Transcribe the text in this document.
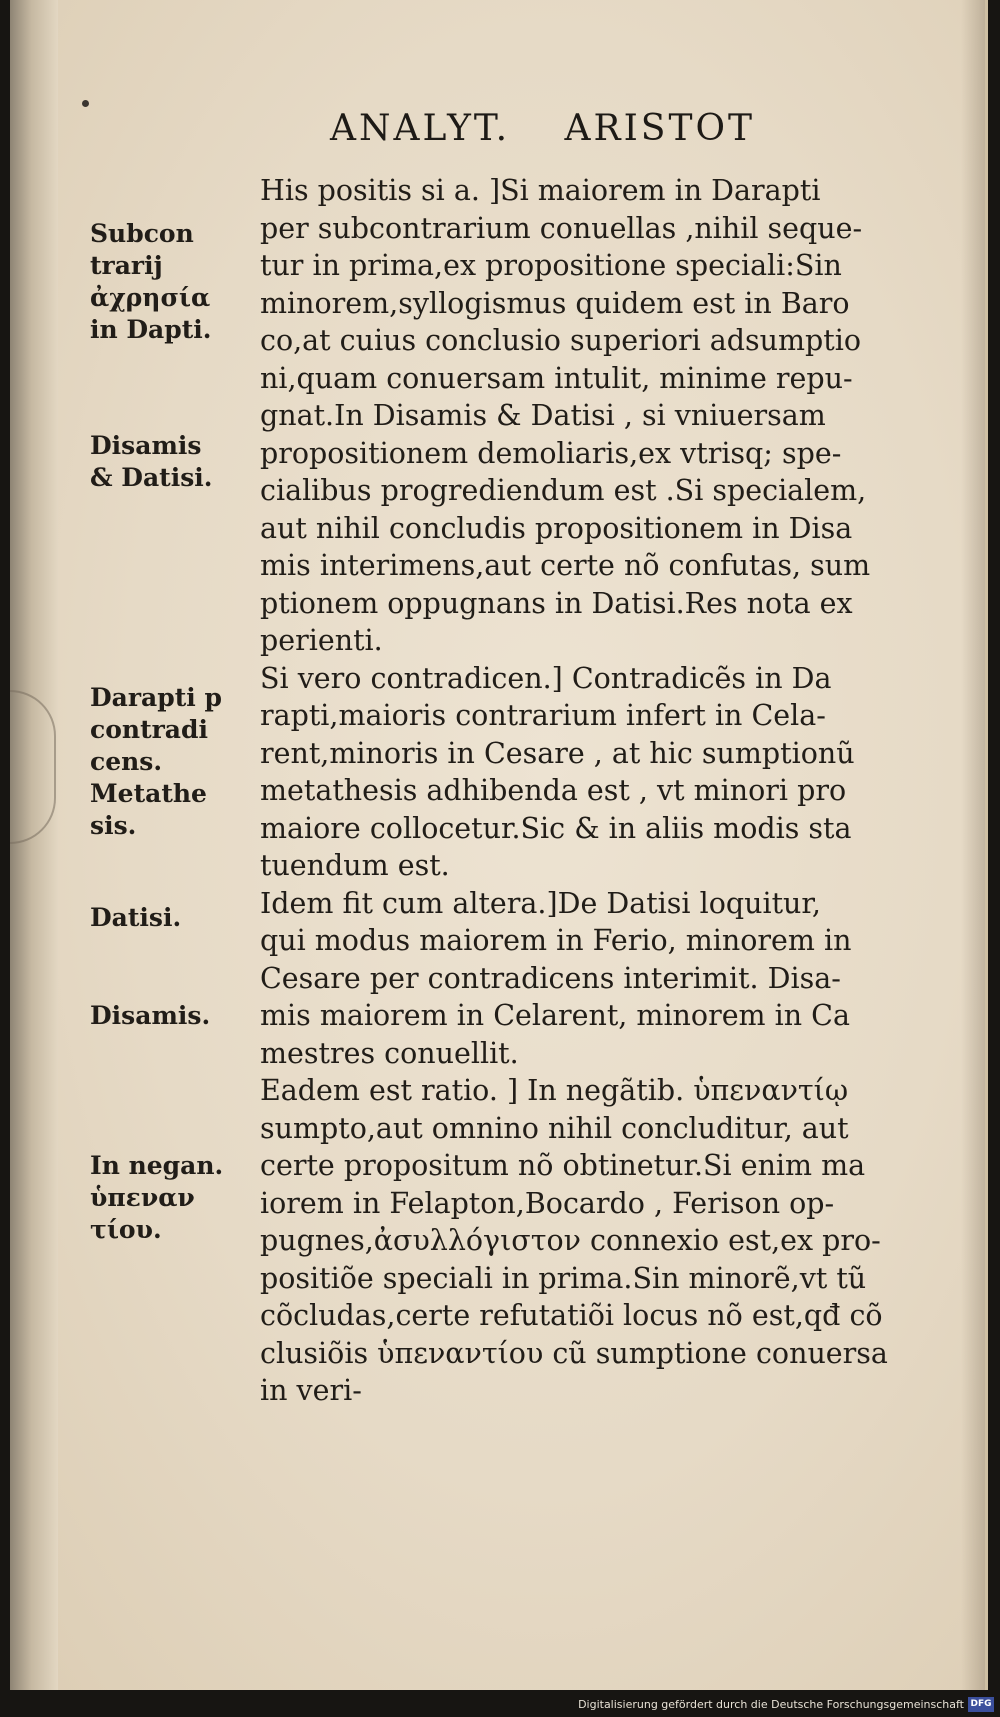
ANALYT. ARISTOT
His positis si a. ]Si maiorem in Darapti
per subcontrarium conuellas ,nihil seque-
tur in prima,ex propositione speciali:Sin
minorem,syllogismus quidem est in Baro
co,at cuius conclusio superiori adsumptio
ni,quam conuersam intulit, minime repu-
gnat.In Disamis & Datisi , si vniuersam
propositionem demoliaris,ex vtrisq; spe-
cialibus progrediendum est .Si specialem,
aut nihil concludis propositionem in Disa
mis interimens,aut certe nõ confutas, sum
ptionem oppugnans in Datisi.Res nota ex
perienti.
Si vero contradicen.] Contradicẽs in Da
rapti,maioris contrarium infert in Cela-
rent,minoris in Cesare , at hic sumptionũ
metathesis adhibenda est , vt minori pro
maiore collocetur.Sic & in aliis modis sta
tuendum est.
Idem fit cum altera.]De Datisi loquitur,
qui modus maiorem in Ferio, minorem in
Cesare per contradicens interimit. Disa-
mis maiorem in Celarent, minorem in Ca
mestres conuellit.
Eadem est ratio. ] In negãtib. ὑπεναντίῳ
sumpto,aut omnino nihil concluditur, aut
certe propositum nõ obtinetur.Si enim ma
iorem in Felapton,Bocardo , Ferison op-
pugnes,ἀσυλλόγιστον connexio est,ex pro-
positiõe speciali in prima.Sin minorẽ,vt tũ
cõcludas,certe refutatiõi locus nõ est,qđ cõ
clusiõis ὑπεναντίου cũ sumptione conuersa
in veri-
Subcon
trarij
ἀχρησία
in Dapti.
Disamis
& Datisi.
Darapti p
contradi
cens.
Metathe
sis.
Datisi.
Disamis.
In negan.
ὑπεναν
τίου.
Digitalisierung gefördert durch die Deutsche Forschungsgemeinschaft DFG
